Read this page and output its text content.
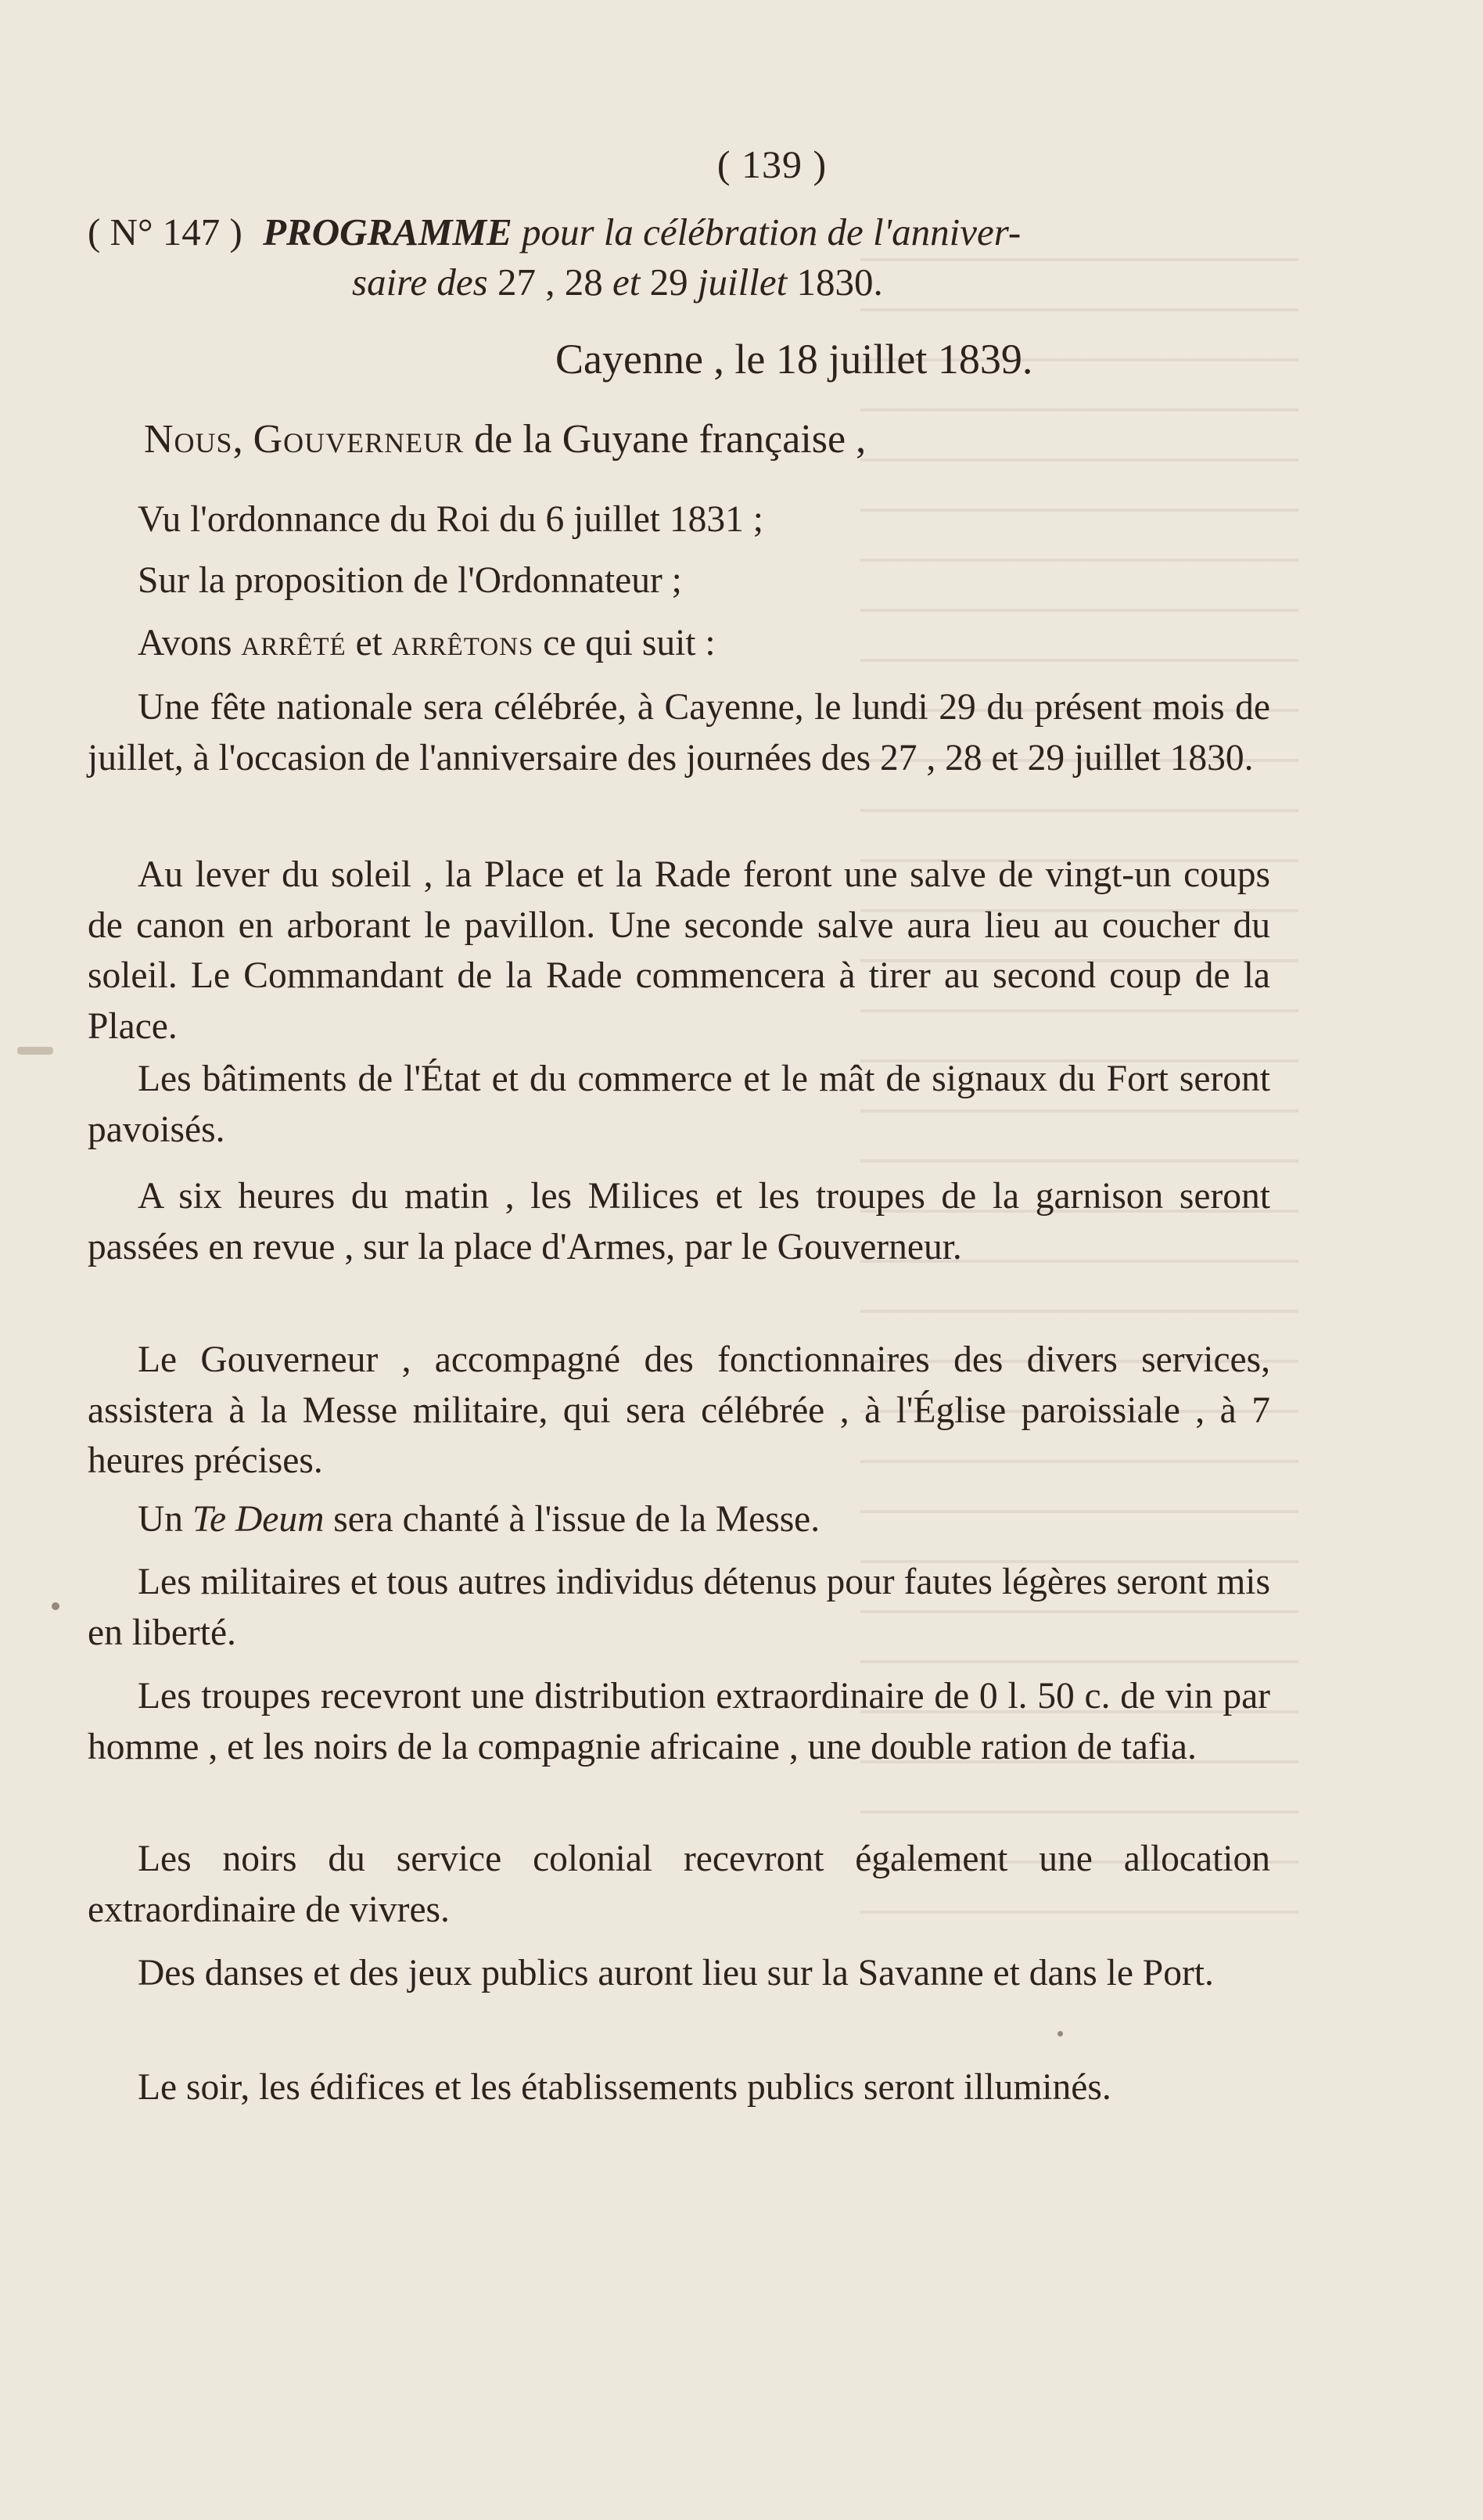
( 139 )
( N° 147 ) PROGRAMME pour la célébration de l'anniver-
saire des 27 , 28 et 29 juillet 1830.
Cayenne , le 18 juillet 1839.
Nous, Gouverneur de la Guyane française ,
Vu l'ordonnance du Roi du 6 juillet 1831 ;
Sur la proposition de l'Ordonnateur ;
Avons arrêté et arrêtons ce qui suit :
Une fête nationale sera célébrée, à Cayenne, le lundi 29 du présent mois de juillet, à l'occasion de l'anniversaire des journées des 27 , 28 et 29 juillet 1830.
Au lever du soleil , la Place et la Rade feront une salve de vingt-un coups de canon en arborant le pavillon. Une seconde salve aura lieu au coucher du soleil. Le Commandant de la Rade commencera à tirer au second coup de la Place.
Les bâtiments de l'État et du commerce et le mât de signaux du Fort seront pavoisés.
A six heures du matin , les Milices et les troupes de la garnison seront passées en revue , sur la place d'Armes, par le Gouverneur.
Le Gouverneur , accompagné des fonctionnaires des divers services, assistera à la Messe militaire, qui sera célébrée , à l'Église paroissiale , à 7 heures précises.
Un Te Deum sera chanté à l'issue de la Messe.
Les militaires et tous autres individus détenus pour fautes légères seront mis en liberté.
Les troupes recevront une distribution extraordinaire de 0 l. 50 c. de vin par homme , et les noirs de la compagnie africaine , une double ration de tafia.
Les noirs du service colonial recevront également une allocation extraordinaire de vivres.
Des danses et des jeux publics auront lieu sur la Savanne et dans le Port.
Le soir, les édifices et les établissements publics seront illuminés.
